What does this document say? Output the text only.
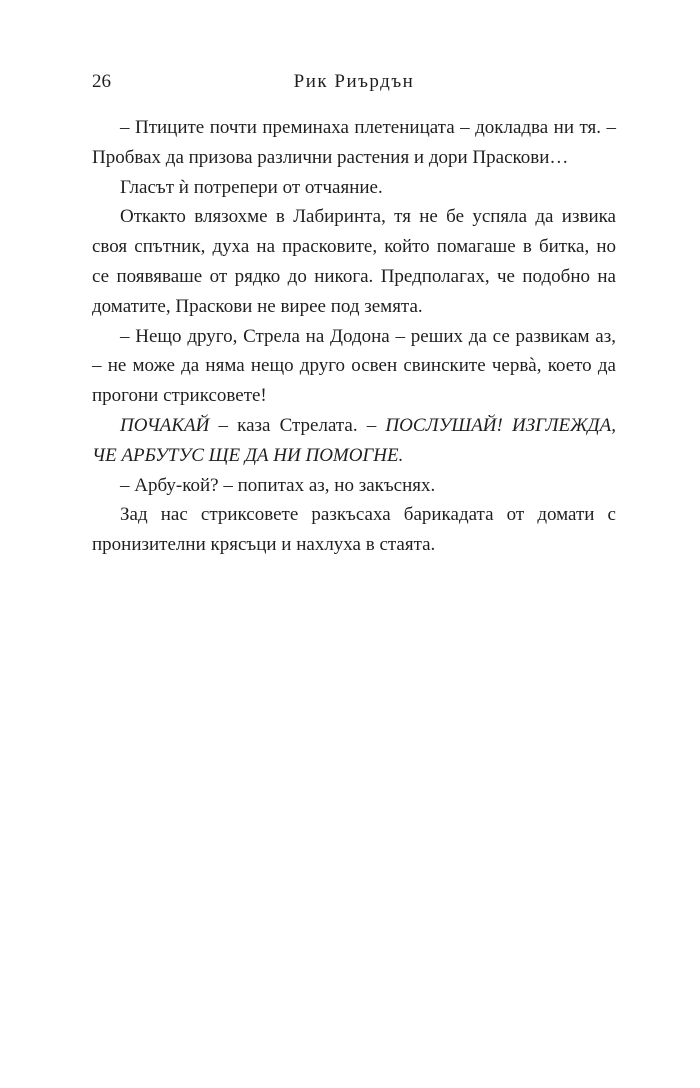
26	Рик Риърдън

– Птиците почти преминаха плетеницата – докладва ни тя. – Пробвах да призова различни растения и дори Праскови…

Гласът ѝ потрепери от отчаяние.

Откакто влязохме в Лабиринта, тя не бе успяла да извика своя спътник, духа на прасковите, който помагаше в битка, но се появяваше от рядко до никога. Предполагах, че подобно на доматите, Праскови не вирее под земята.

– Нещо друго, Стрела на Додона – реших да се развикам аз, – не може да няма нещо друго освен свинските червà, което да прогони стриксовете!

ПОЧАКАЙ – каза Стрелата. – ПОСЛУШАЙ! ИЗГЛЕЖДА, ЧЕ АРБУТУС ЩЕ ДА НИ ПОМОГНЕ.

– Арбу-кой? – попитах аз, но закъснях.

Зад нас стриксовете разкъсаха барикадата от домати с пронизителни крясъци и нахлуха в стаята.
